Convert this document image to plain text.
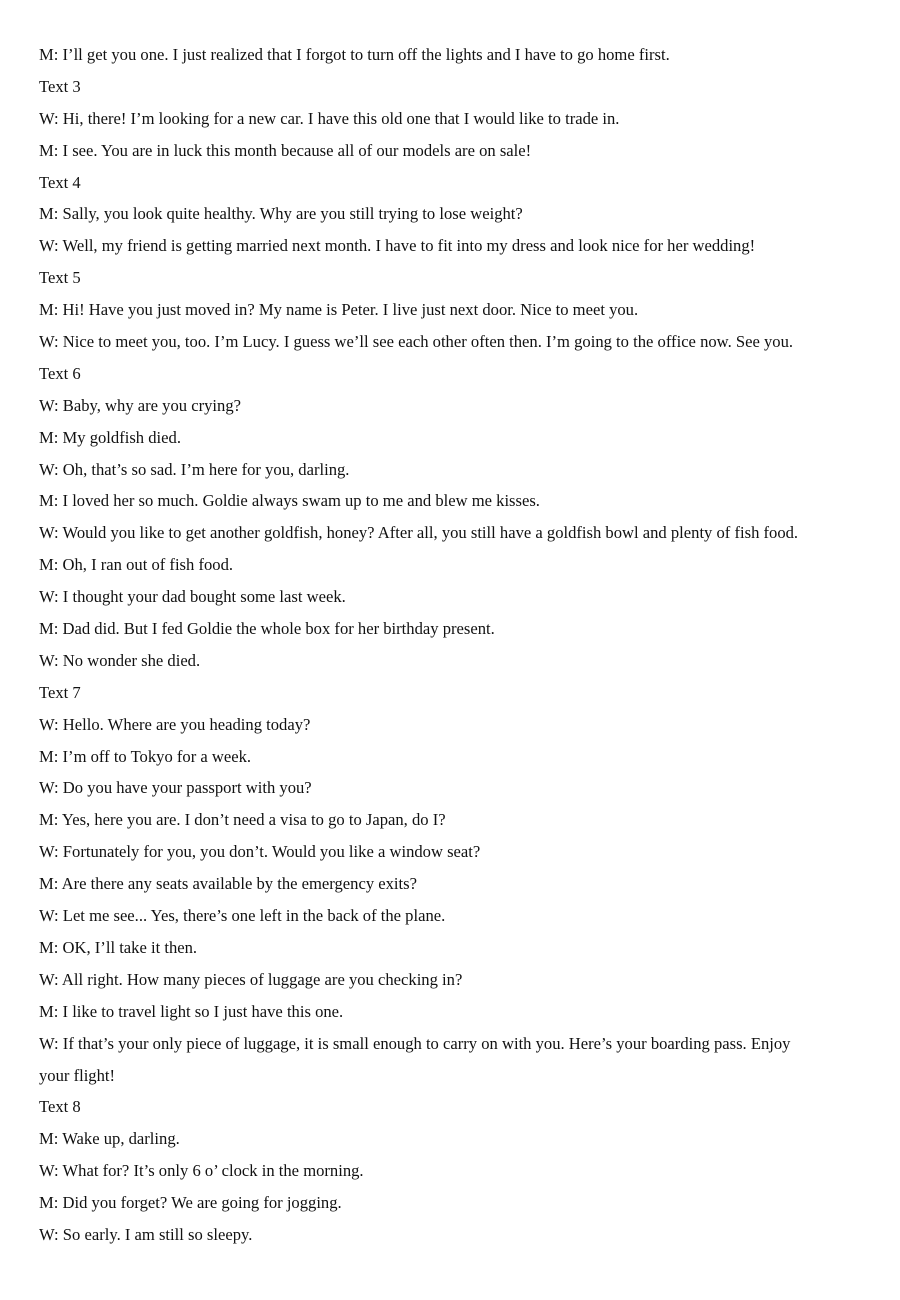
M: I’ll get you one. I just realized that I forgot to turn off the lights and I have to go home first.
Text 3
W: Hi, there! I’m looking for a new car. I have this old one that I would like to trade in.
M: I see. You are in luck this month because all of our models are on sale!
Text 4
M: Sally, you look quite healthy. Why are you still trying to lose weight?
W: Well, my friend is getting married next month. I have to fit into my dress and look nice for her wedding!
Text 5
M: Hi! Have you just moved in? My name is Peter. I live just next door. Nice to meet you.
W: Nice to meet you, too. I’m Lucy. I guess we’ll see each other often then. I’m going to the office now. See you.
Text 6
W: Baby, why are you crying?
M: My goldfish died.
W: Oh, that’s so sad. I’m here for you, darling.
M: I loved her so much. Goldie always swam up to me and blew me kisses.
W: Would you like to get another goldfish, honey? After all, you still have a goldfish bowl and plenty of fish food.
M: Oh, I ran out of fish food.
W: I thought your dad bought some last week.
M: Dad did. But I fed Goldie the whole box for her birthday present.
W: No wonder she died.
Text 7
W: Hello. Where are you heading today?
M: I’m off to Tokyo for a week.
W: Do you have your passport with you?
M: Yes, here you are. I don’t need a visa to go to Japan, do I?
W: Fortunately for you, you don’t. Would you like a window seat?
M: Are there any seats available by the emergency exits?
W: Let me see... Yes, there’s one left in the back of the plane.
M: OK, I’ll take it then.
W: All right. How many pieces of luggage are you checking in?
M: I like to travel light so I just have this one.
W: If that’s your only piece of luggage, it is small enough to carry on with you. Here’s your boarding pass. Enjoy
your flight!
Text 8
M: Wake up, darling.
W: What for? It’s only 6 o’ clock in the morning.
M: Did you forget? We are going for jogging.
W: So early. I am still so sleepy.
